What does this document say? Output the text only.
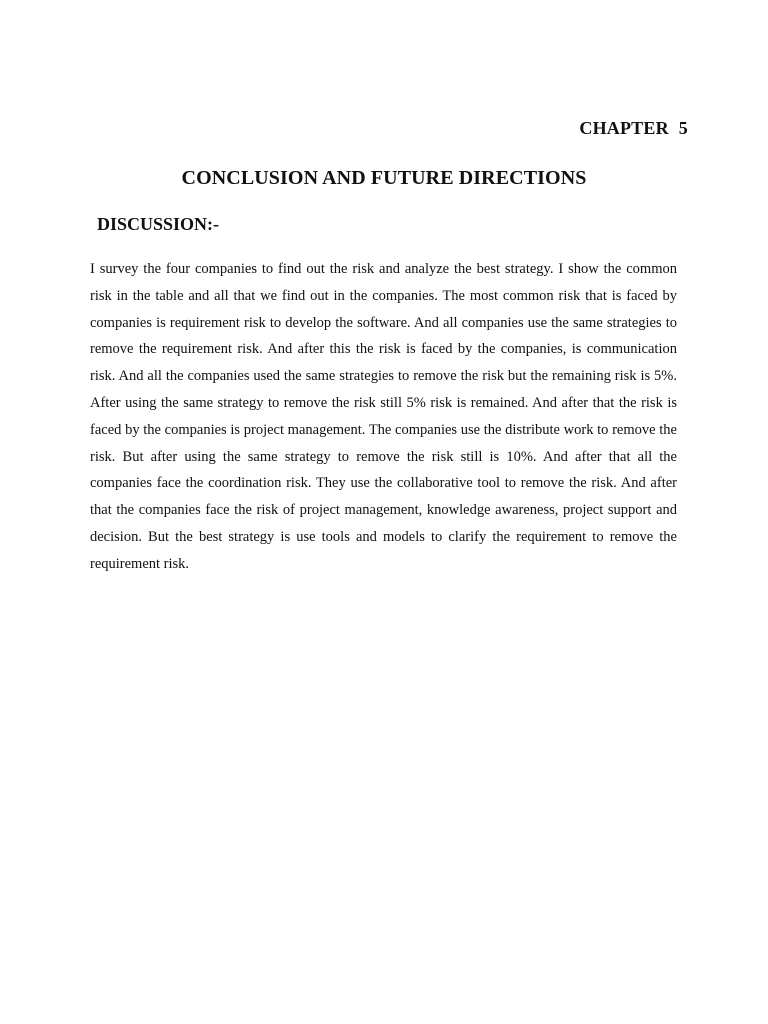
CHAPTER 5
CONCLUSION AND FUTURE DIRECTIONS
DISCUSSION:-

I survey the four companies to find out the risk and analyze the best strategy. I show the common risk in the table and all that we find out in the companies. The most common risk that is faced by companies is requirement risk to develop the software. And all companies use the same strategies to remove the requirement risk. And after this the risk is faced by the companies, is communication risk. And all the companies used the same strategies to remove the risk but the remaining risk is 5%. After using the same strategy to remove the risk still 5% risk is remained. And after that the risk is faced by the companies is project management. The companies use the distribute work to remove the risk. But after using the same strategy to remove the risk still is 10%. And after that all the companies face the coordination risk. They use the collaborative tool to remove the risk. And after that the companies face the risk of project management, knowledge awareness, project support and decision. But the best strategy is use tools and models to clarify the requirement to remove the requirement risk.
